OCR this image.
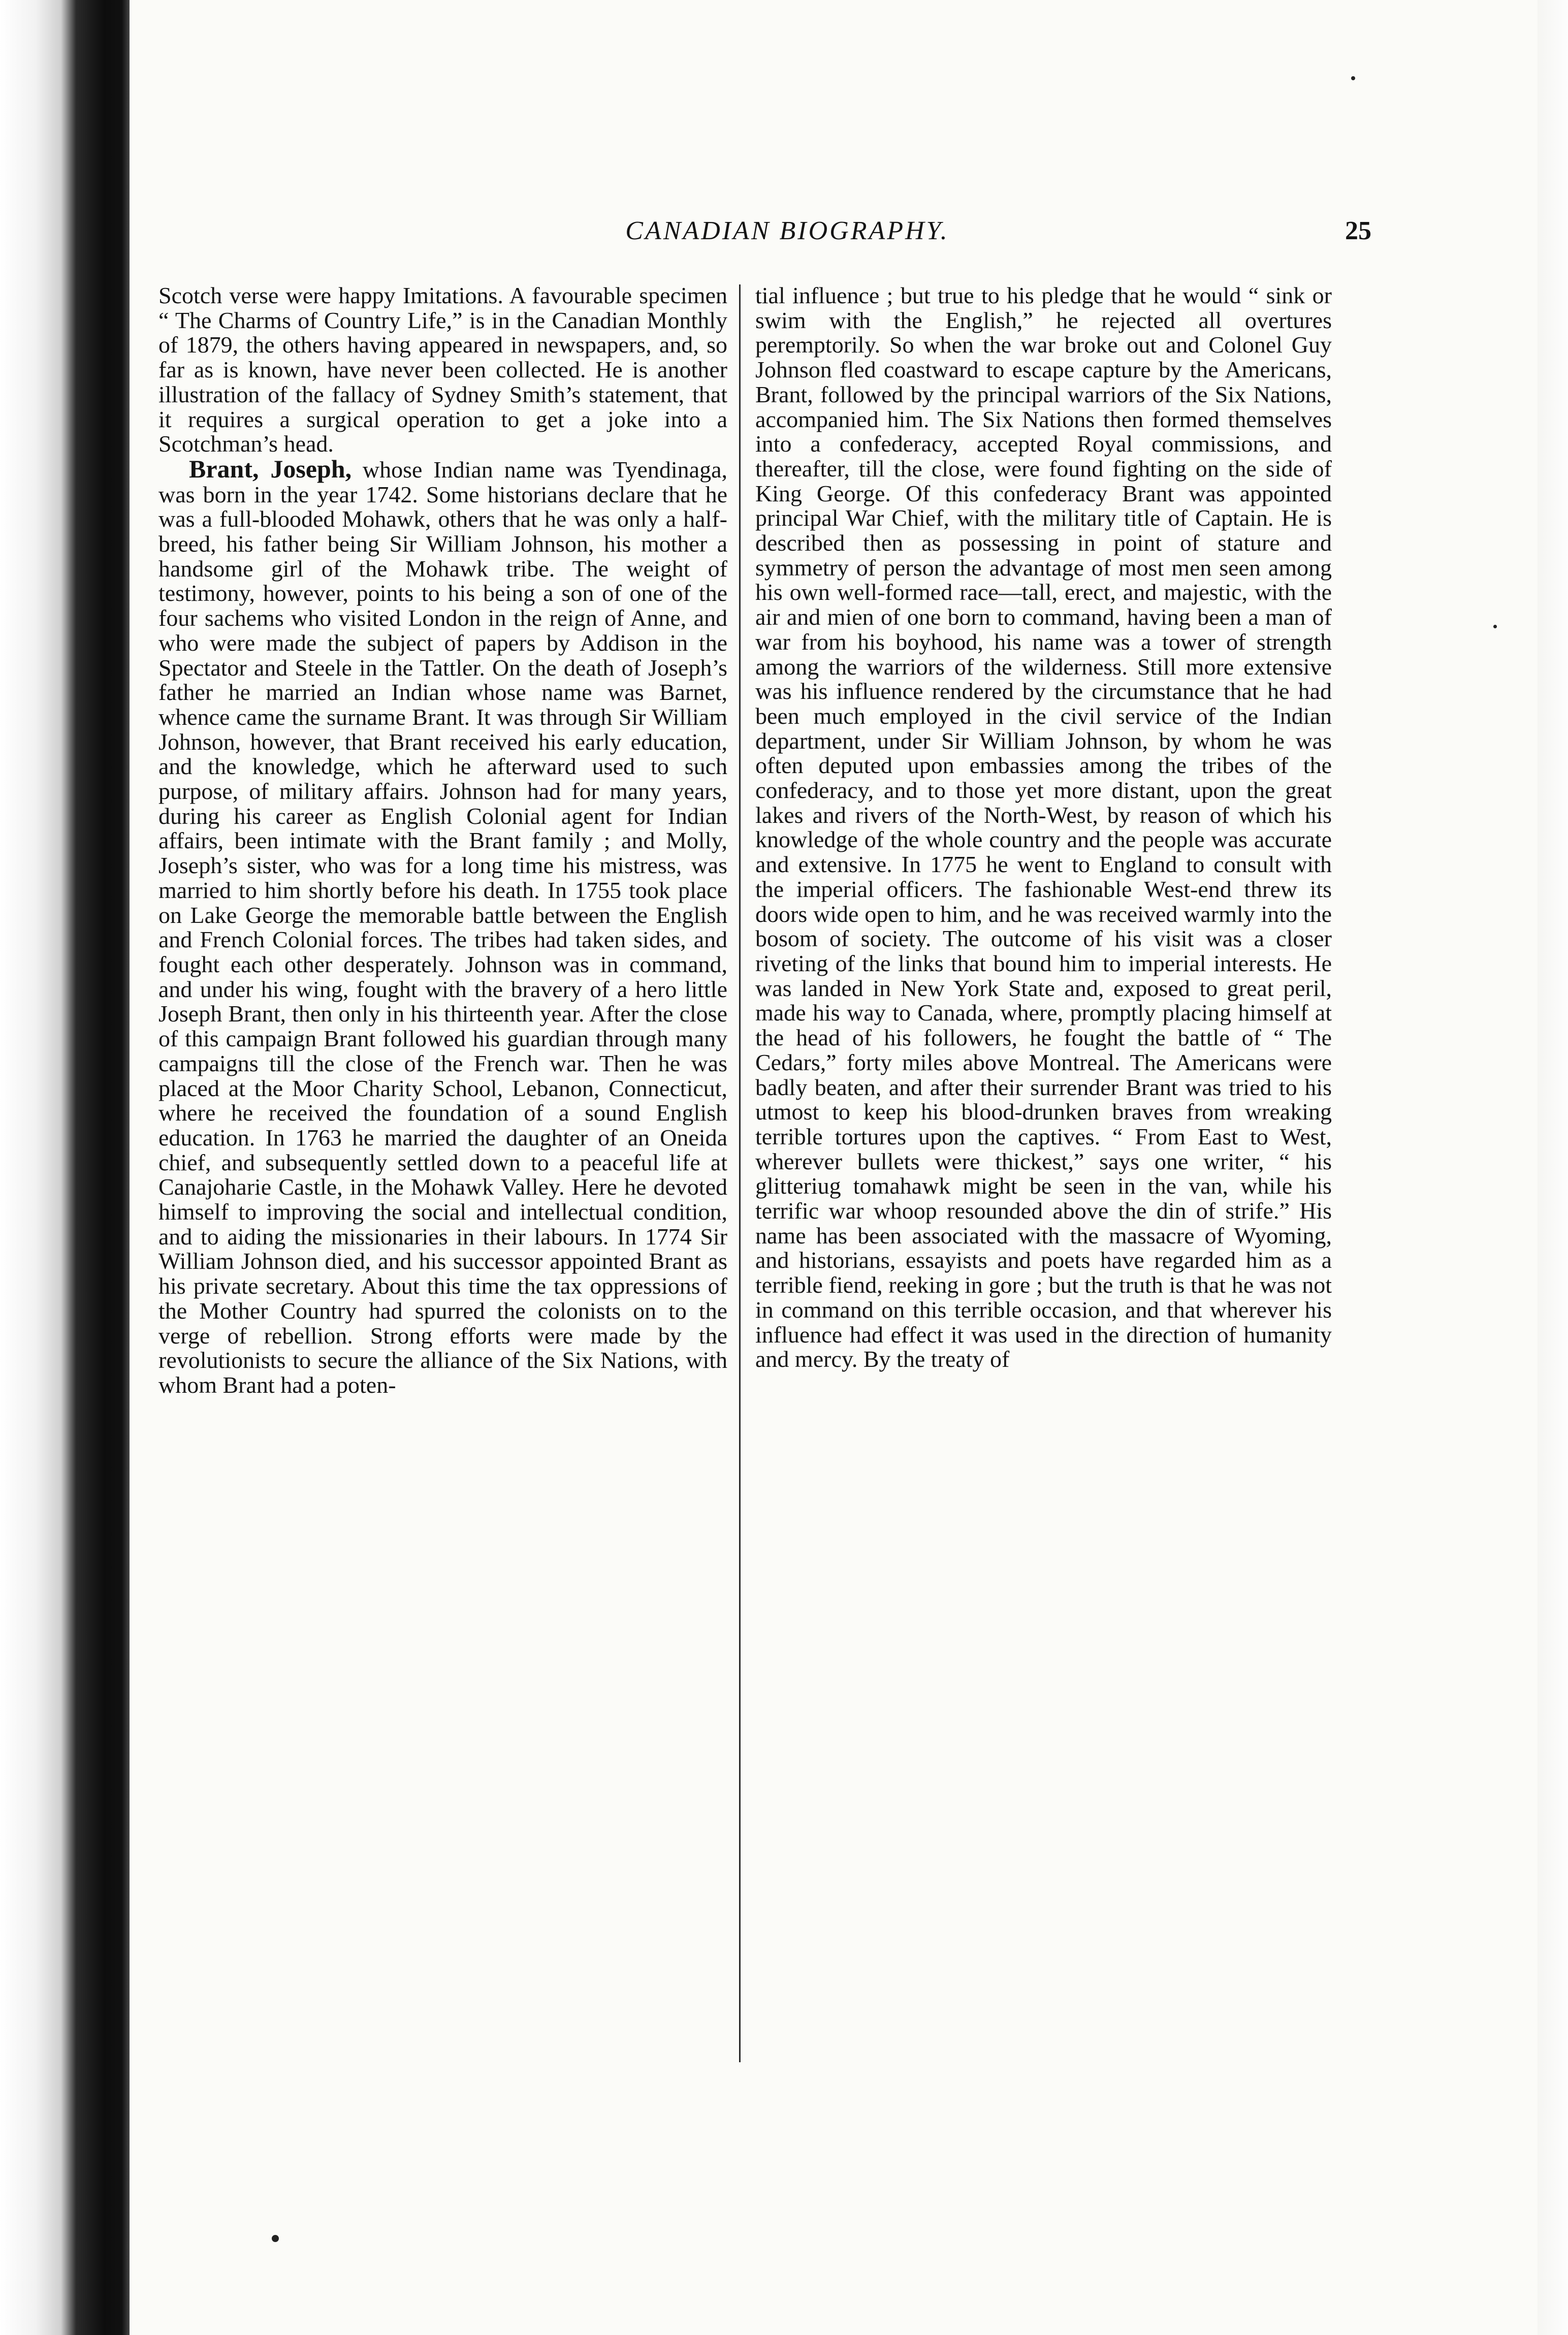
CANADIAN BIOGRAPHY.	25

Scotch verse were happy Imitations. A favourable specimen “ The Charms of Country Life,” is in the Canadian Monthly of 1879, the others having appeared in newspapers, and, so far as is known, have never been collected. He is another illustration of the fallacy of Sydney Smith’s statement, that it requires a surgical operation to get a joke into a Scotchman’s head.

Brant, Joseph, whose Indian name was Tyendinaga, was born in the year 1742. Some historians declare that he was a full-blooded Mohawk, others that he was only a half-breed, his father being Sir William Johnson, his mother a handsome girl of the Mohawk tribe. The weight of testimony, however, points to his being a son of one of the four sachems who visited London in the reign of Anne, and who were made the subject of papers by Addison in the Spectator and Steele in the Tattler. On the death of Joseph’s father he married an Indian whose name was Barnet, whence came the surname Brant. It was through Sir William Johnson, however, that Brant received his early education, and the knowledge, which he afterward used to such purpose, of military affairs. Johnson had for many years, during his career as English Colonial agent for Indian affairs, been intimate with the Brant family ; and Molly, Joseph’s sister, who was for a long time his mistress, was married to him shortly before his death. In 1755 took place on Lake George the memorable battle between the English and French Colonial forces. The tribes had taken sides, and fought each other desperately. Johnson was in command, and under his wing, fought with the bravery of a hero little Joseph Brant, then only in his thirteenth year. After the close of this campaign Brant followed his guardian through many campaigns till the close of the French war. Then he was placed at the Moor Charity School, Lebanon, Connecticut, where he received the foundation of a sound English education. In 1763 he married the daughter of an Oneida chief, and subsequently settled down to a peaceful life at Canajoharie Castle, in the Mohawk Valley. Here he devoted himself to improving the social and intellectual condition, and to aiding the missionaries in their labours. In 1774 Sir William Johnson died, and his successor appointed Brant as his private secretary. About this time the tax oppressions of the Mother Country had spurred the colonists on to the verge of rebellion. Strong efforts were made by the revolutionists to secure the alliance of the Six Nations, with whom Brant had a poten-

tial influence ; but true to his pledge that he would “ sink or swim with the English,” he rejected all overtures peremptorily. So when the war broke out and Colonel Guy Johnson fled coastward to escape capture by the Americans, Brant, followed by the principal warriors of the Six Nations, accompanied him. The Six Nations then formed themselves into a confederacy, accepted Royal commissions, and thereafter, till the close, were found fighting on the side of King George. Of this confederacy Brant was appointed principal War Chief, with the military title of Captain. He is described then as possessing in point of stature and symmetry of person the advantage of most men seen among his own well-formed race—tall, erect, and majestic, with the air and mien of one born to command, having been a man of war from his boyhood, his name was a tower of strength among the warriors of the wilderness. Still more extensive was his influence rendered by the circumstance that he had been much employed in the civil service of the Indian department, under Sir William Johnson, by whom he was often deputed upon embassies among the tribes of the confederacy, and to those yet more distant, upon the great lakes and rivers of the North-West, by reason of which his knowledge of the whole country and the people was accurate and extensive. In 1775 he went to England to consult with the imperial officers. The fashionable West-end threw its doors wide open to him, and he was received warmly into the bosom of society. The outcome of his visit was a closer riveting of the links that bound him to imperial interests. He was landed in New York State and, exposed to great peril, made his way to Canada, where, promptly placing himself at the head of his followers, he fought the battle of “ The Cedars,” forty miles above Montreal. The Americans were badly beaten, and after their surrender Brant was tried to his utmost to keep his blood-drunken braves from wreaking terrible tortures upon the captives. “ From East to West, wherever bullets were thickest,” says one writer, “ his glitteriug tomahawk might be seen in the van, while his terrific war whoop resounded above the din of strife.” His name has been associated with the massacre of Wyoming, and historians, essayists and poets have regarded him as a terrible fiend, reeking in gore ; but the truth is that he was not in command on this terrible occasion, and that wherever his influence had effect it was used in the direction of humanity and mercy. By the treaty of
